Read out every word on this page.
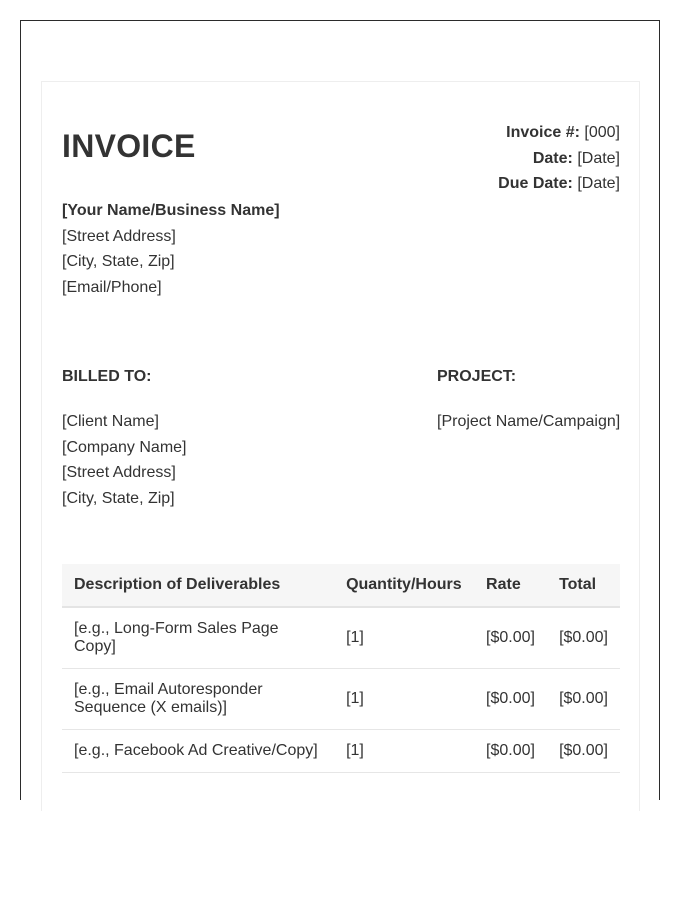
INVOICE	Invoice #: [000]
Date: [Date]
Due Date: [Date]
[Your Name/Business Name]
[Street Address]
[City, State, Zip]
[Email/Phone]
BILLED TO:
[Client Name]
[Company Name]
[Street Address]
[City, State, Zip]
PROJECT:
[Project Name/Campaign]
Description of Deliverables	Quantity/Hours	Rate	Total
[e.g., Long-Form Sales Page Copy]	[1]	[$0.00]	[$0.00]
[e.g., Email Autoresponder Sequence (X emails)]	[1]	[$0.00]	[$0.00]
[e.g., Facebook Ad Creative/Copy]	[1]	[$0.00]	[$0.00]
